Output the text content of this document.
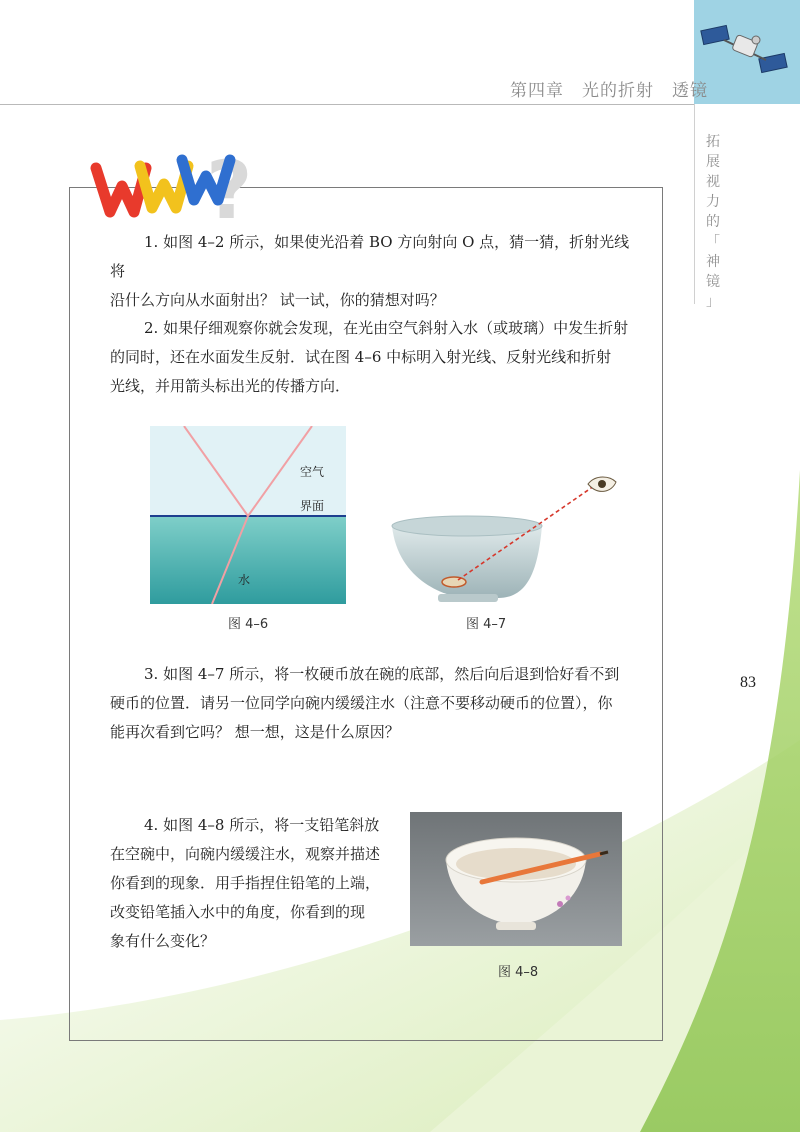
第四章　光的折射　透镜
拓
展
视
力
的
「
神
镜
」
83
?
1. 如图 4–2 所示，如果使光沿着 BO 方向射向 O 点，猜一猜，折射光线将
沿什么方向从水面射出？ 试一试，你的猜想对吗？
2. 如果仔细观察你就会发现，在光由空气斜射入水（或玻璃）中发生折射
的同时，还在水面发生反射．试在图 4–6 中标明入射光线、反射光线和折射
光线，并用箭头标出光的传播方向．
空气
界面
水
图 4–6	图 4–7
3. 如图 4–7 所示，将一枚硬币放在碗的底部，然后向后退到恰好看不到
硬币的位置．请另一位同学向碗内缓缓注水（注意不要移动硬币的位置），你
能再次看到它吗？ 想一想，这是什么原因？
4. 如图 4–8 所示，将一支铅笔斜放
在空碗中，向碗内缓缓注水，观察并描述
你看到的现象．用手指捏住铅笔的上端，
改变铅笔插入水中的角度，你看到的现
象有什么变化？
图 4–8
